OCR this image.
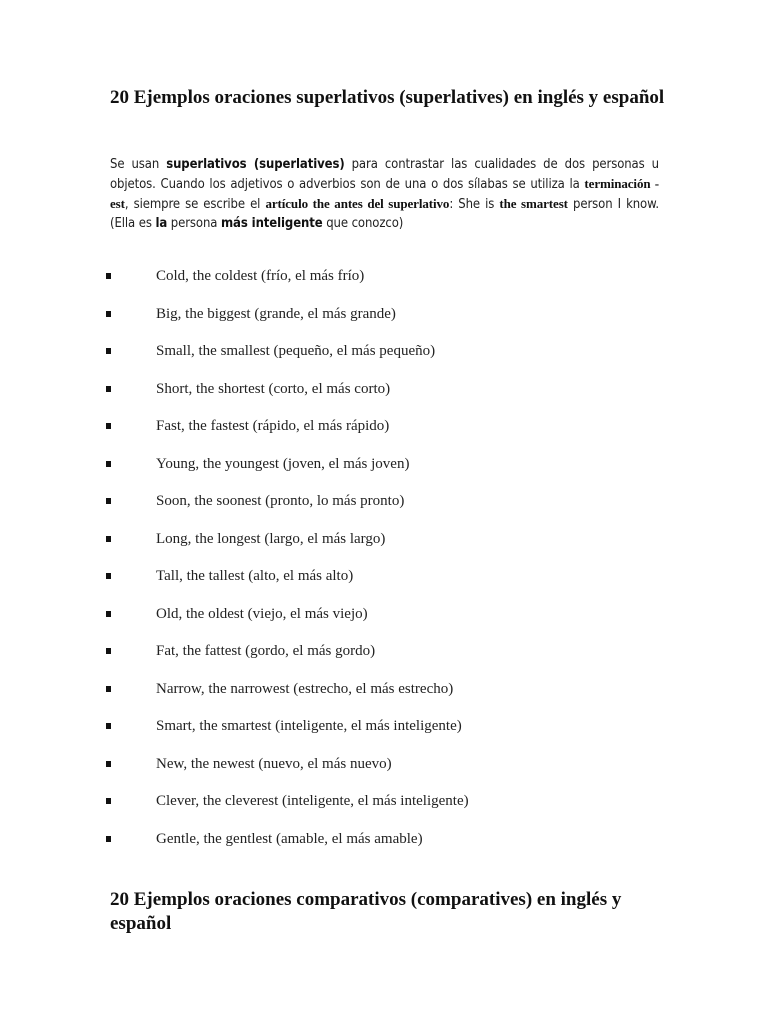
20 Ejemplos oraciones superlativos (superlatives) en inglés y español

Se usan superlativos (superlatives) para contrastar las cualidades de dos personas u objetos. Cuando los adjetivos o adverbios son de una o dos sílabas se utiliza la terminación -est, siempre se escribe el artículo the antes del superlativo: She is the smartest person I know. (Ella es la persona más inteligente que conozco)

Cold, the coldest (frío, el más frío)
Big, the biggest (grande, el más grande)
Small, the smallest (pequeño, el más pequeño)
Short, the shortest (corto, el más corto)
Fast, the fastest (rápido, el más rápido)
Young, the youngest (joven, el más joven)
Soon, the soonest (pronto, lo más pronto)
Long, the longest (largo, el más largo)
Tall, the tallest (alto, el más alto)
Old, the oldest (viejo, el más viejo)
Fat, the fattest (gordo, el más gordo)
Narrow, the narrowest (estrecho, el más estrecho)
Smart, the smartest (inteligente, el más inteligente)
New, the newest (nuevo, el más nuevo)
Clever, the cleverest (inteligente, el más inteligente)
Gentle, the gentlest (amable, el más amable)
20 Ejemplos oraciones comparativos (comparatives) en inglés y español
